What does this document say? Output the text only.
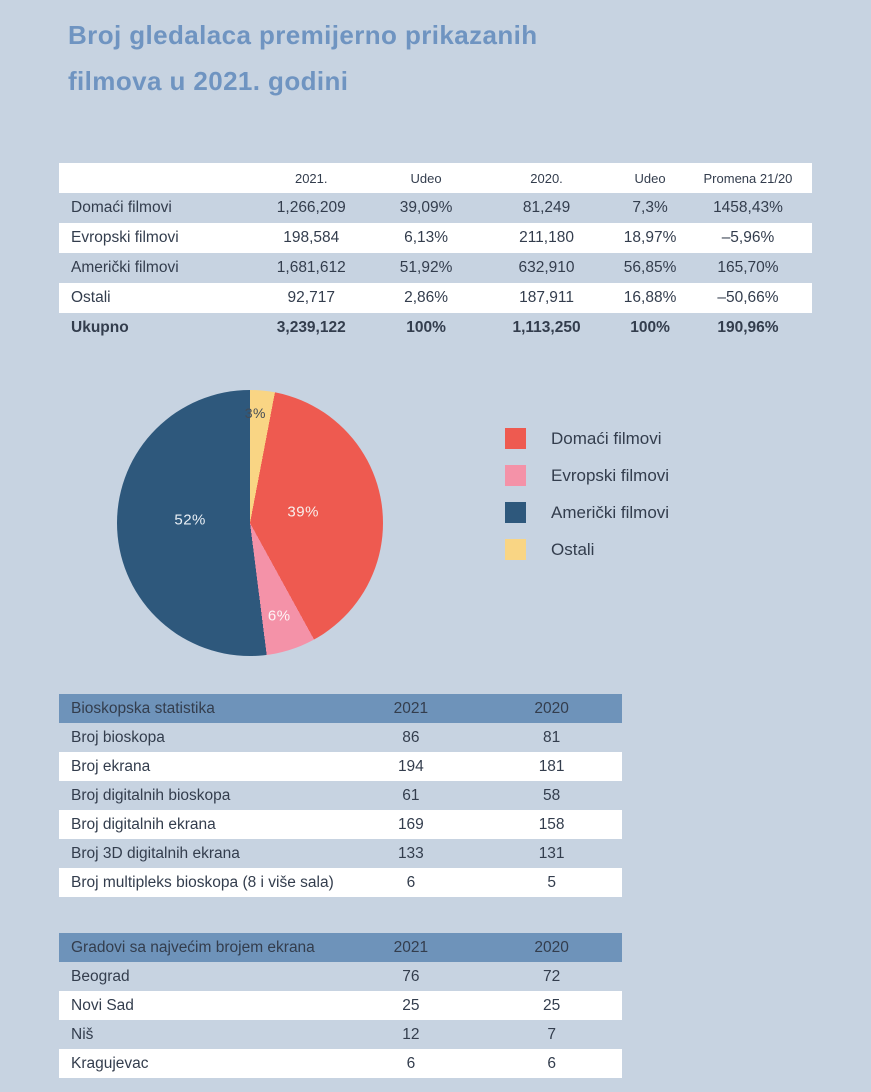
Broj gledalaca premijerno prikazanih
filmova u 2021. godini
	2021.	Udeo	2020.	Udeo	Promena 21/20
Domaći filmovi	1,266,209	39,09%	81,249	7,3%	1458,43%
Evropski filmovi	198,584	6,13%	211,180	18,97%	–5,96%
Američki filmovi	1,681,612	51,92%	632,910	56,85%	165,70%
Ostali	92,717	2,86%	187,911	16,88%	–50,66%
Ukupno	3,239,122	100%	1,113,250	100%	190,96%
3%
39%
6%
52%
Domaći filmovi
Evropski filmovi
Američki filmovi
Ostali
Bioskopska statistika	2021	2020
Broj bioskopa	86	81
Broj ekrana	194	181
Broj digitalnih bioskopa	61	58
Broj digitalnih ekrana	169	158
Broj 3D digitalnih ekrana	133	131
Broj multipleks bioskopa (8 i više sala)	6	5
Gradovi sa najvećim brojem ekrana	2021	2020
Beograd	76	72
Novi Sad	25	25
Niš	12	7
Kragujevac	6	6
